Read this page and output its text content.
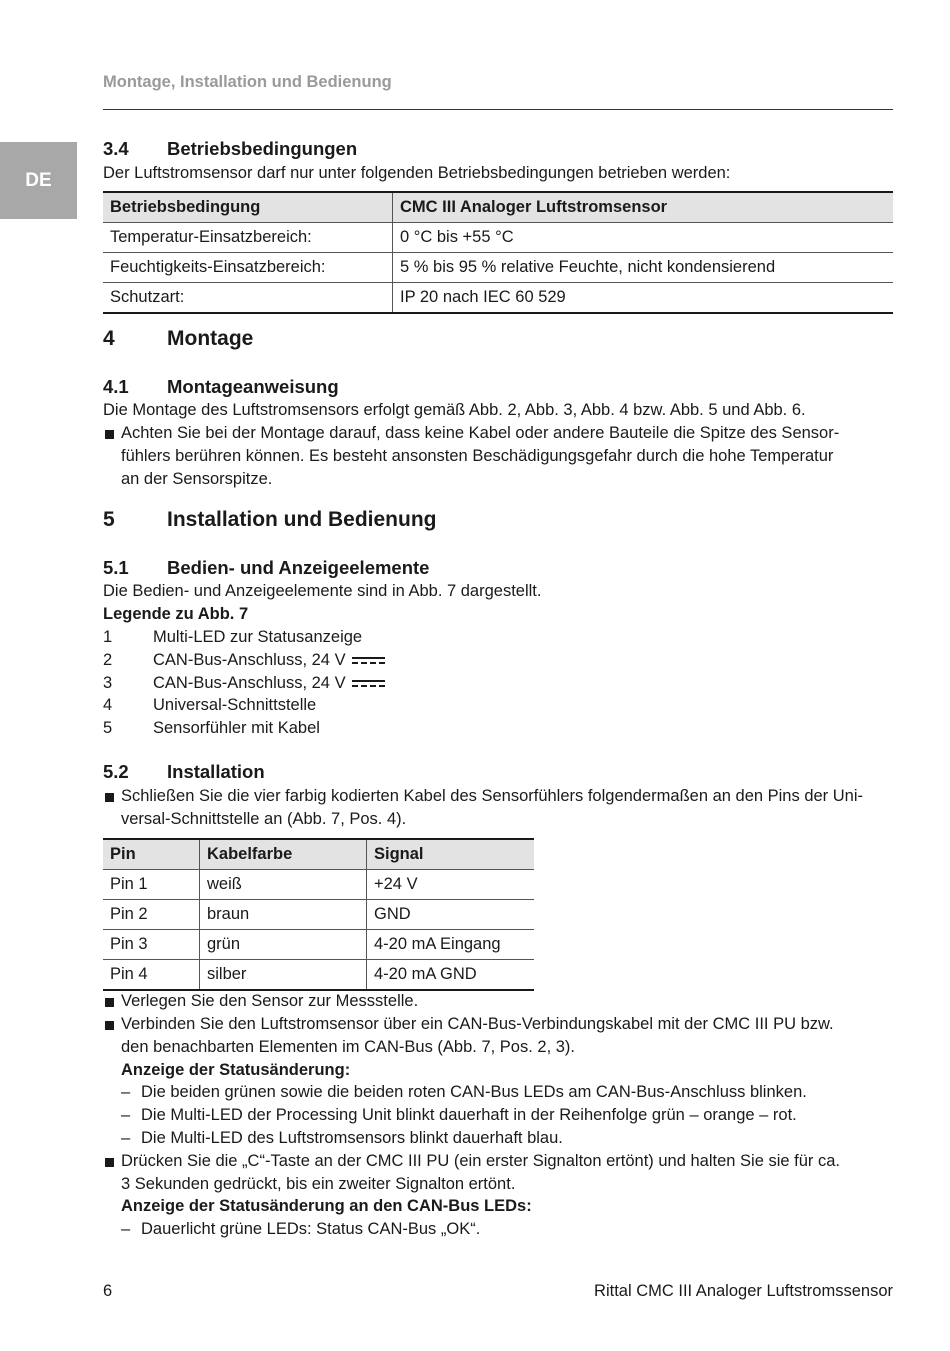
Montage, Installation und Bedienung
DE
3.4 Betriebsbedingungen
Der Luftstromsensor darf nur unter folgenden Betriebsbedingungen betrieben werden:
Betriebsbedingung	CMC III Analoger Luftstromsensor
Temperatur-Einsatzbereich:	0 °C bis +55 °C
Feuchtigkeits-Einsatzbereich:	5 % bis 95 % relative Feuchte, nicht kondensierend
Schutzart:	IP 20 nach IEC 60 529
4 Montage
4.1 Montageanweisung
Die Montage des Luftstromsensors erfolgt gemäß Abb. 2, Abb. 3, Abb. 4 bzw. Abb. 5 und Abb. 6.
Achten Sie bei der Montage darauf, dass keine Kabel oder andere Bauteile die Spitze des Sensor-
fühlers berühren können. Es besteht ansonsten Beschädigungsgefahr durch die hohe Temperatur
an der Sensorspitze.
5 Installation und Bedienung
5.1 Bedien- und Anzeigeelemente
Die Bedien- und Anzeigeelemente sind in Abb. 7 dargestellt.
Legende zu Abb. 7
1 Multi-LED zur Statusanzeige
2 CAN-Bus-Anschluss, 24 V
3 CAN-Bus-Anschluss, 24 V
4 Universal-Schnittstelle
5 Sensorfühler mit Kabel
5.2 Installation
Schließen Sie die vier farbig kodierten Kabel des Sensorfühlers folgendermaßen an den Pins der Uni-
versal-Schnittstelle an (Abb. 7, Pos. 4).
Pin	Kabelfarbe	Signal
Pin 1	weiß	+24 V
Pin 2	braun	GND
Pin 3	grün	4-20 mA Eingang
Pin 4	silber	4-20 mA GND
Verlegen Sie den Sensor zur Messstelle.
Verbinden Sie den Luftstromsensor über ein CAN-Bus-Verbindungskabel mit der CMC III PU bzw.
den benachbarten Elementen im CAN-Bus (Abb. 7, Pos. 2, 3).
Anzeige der Statusänderung:
– Die beiden grünen sowie die beiden roten CAN-Bus LEDs am CAN-Bus-Anschluss blinken.
– Die Multi-LED der Processing Unit blinkt dauerhaft in der Reihenfolge grün – orange – rot.
– Die Multi-LED des Luftstromsensors blinkt dauerhaft blau.
Drücken Sie die „C“-Taste an der CMC III PU (ein erster Signalton ertönt) und halten Sie sie für ca.
3 Sekunden gedrückt, bis ein zweiter Signalton ertönt.
Anzeige der Statusänderung an den CAN-Bus LEDs:
– Dauerlicht grüne LEDs: Status CAN-Bus „OK“.
6	Rittal CMC III Analoger Luftstromssensor
